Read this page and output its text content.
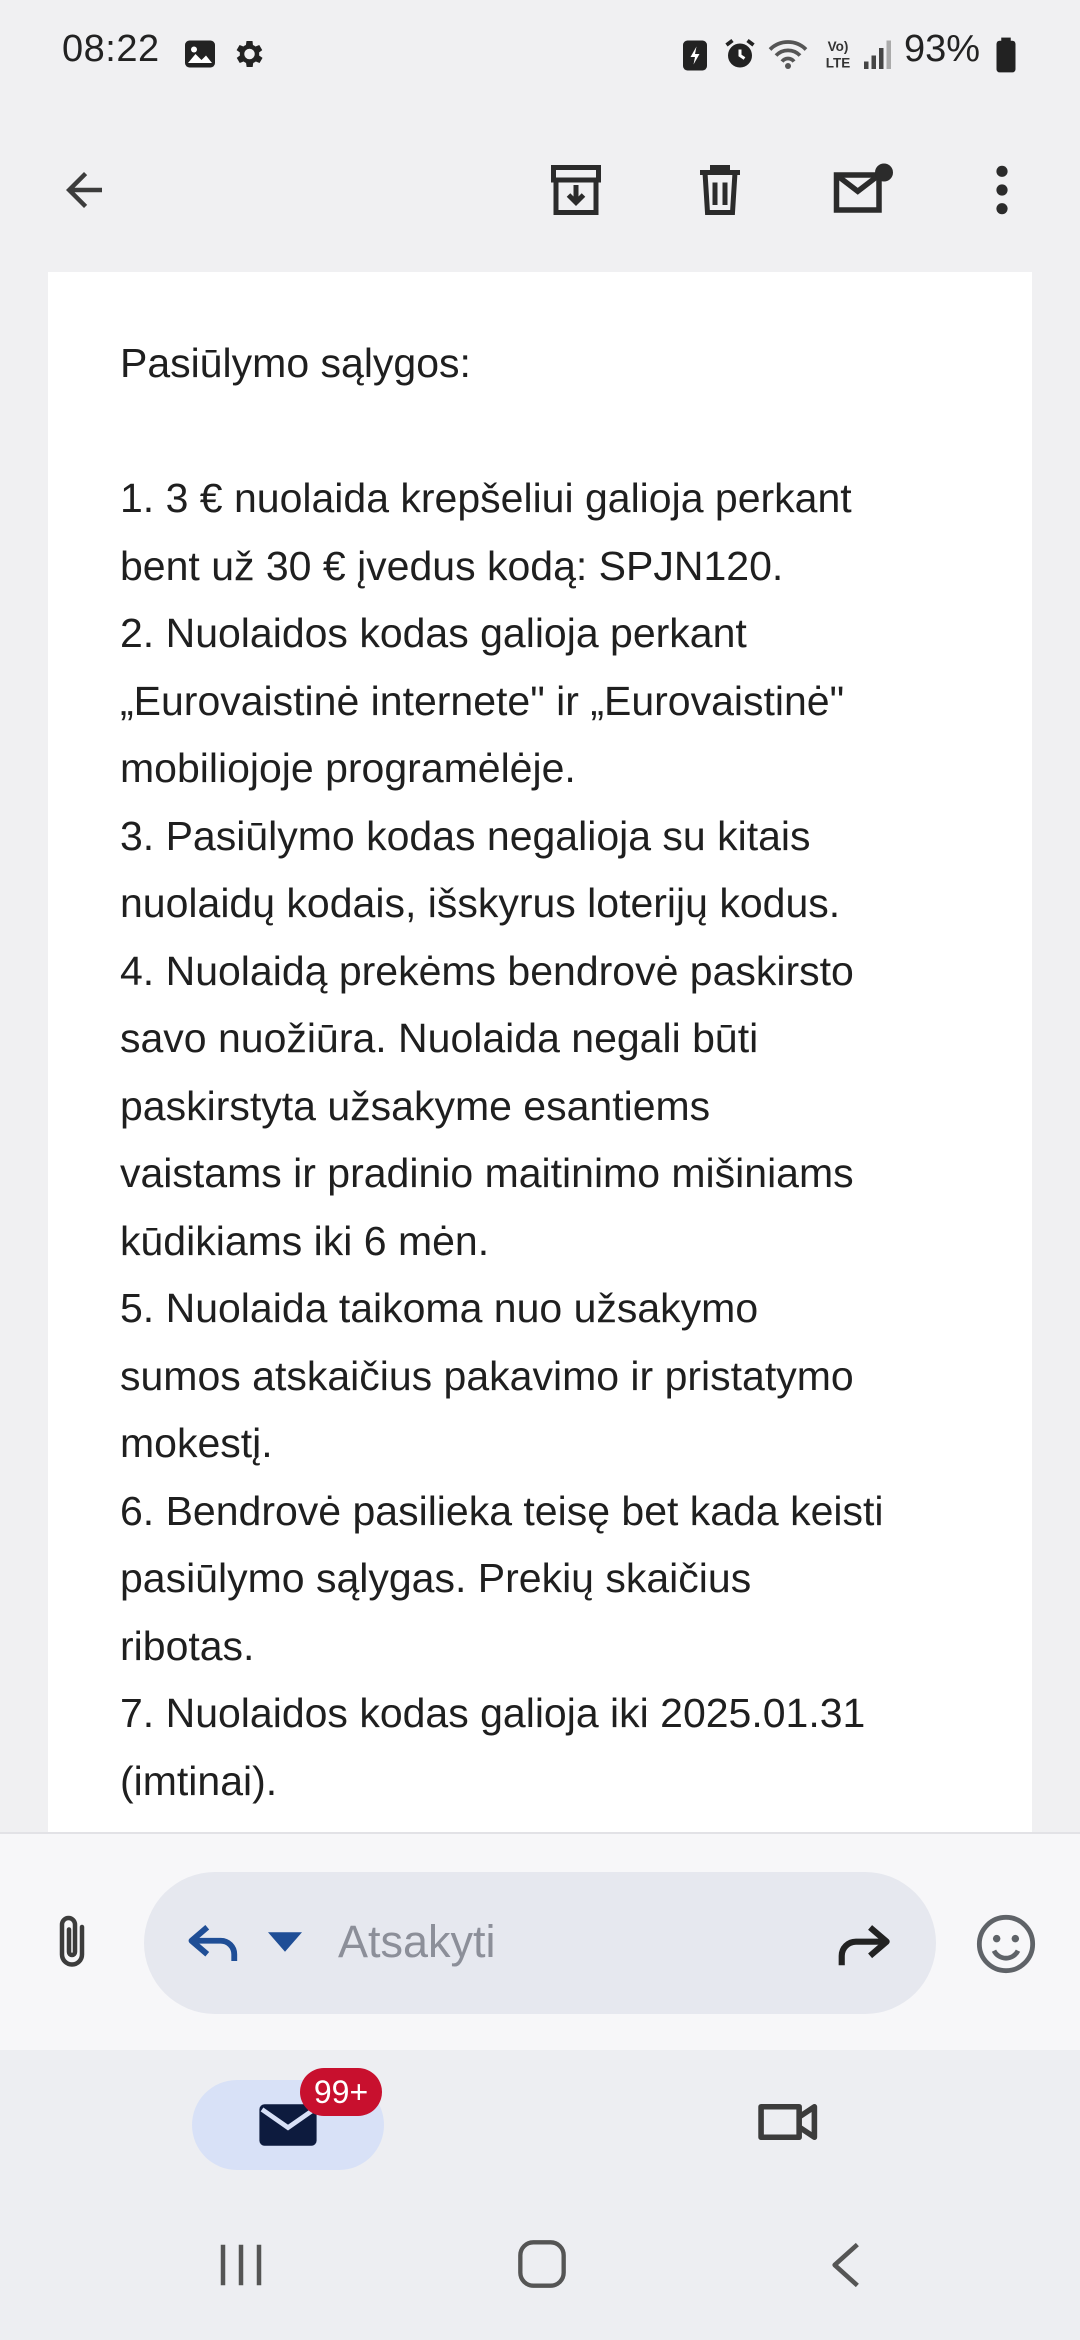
08:22	Vo)
LTE 93%
Pasiūlymo sąlygos:
1. 3 € nuolaida krepšeliui galioja perkant
bent už 30 € įvedus kodą: SPJN120.
2. Nuolaidos kodas galioja perkant
„Eurovaistinė internete" ir „Eurovaistinė"
mobiliojoje programėlėje.
3. Pasiūlymo kodas negalioja su kitais
nuolaidų kodais, išskyrus loterijų kodus.
4. Nuolaidą prekėms bendrovė paskirsto
savo nuožiūra. Nuolaida negali būti
paskirstyta užsakyme esantiems
vaistams ir pradinio maitinimo mišiniams
kūdikiams iki 6 mėn.
5. Nuolaida taikoma nuo užsakymo
sumos atskaičius pakavimo ir pristatymo
mokestį.
6. Bendrovė pasilieka teisę bet kada keisti
pasiūlymo sąlygas. Prekių skaičius
ribotas.
7. Nuolaidos kodas galioja iki 2025.01.31
(imtinai).
Atsakyti
99+
